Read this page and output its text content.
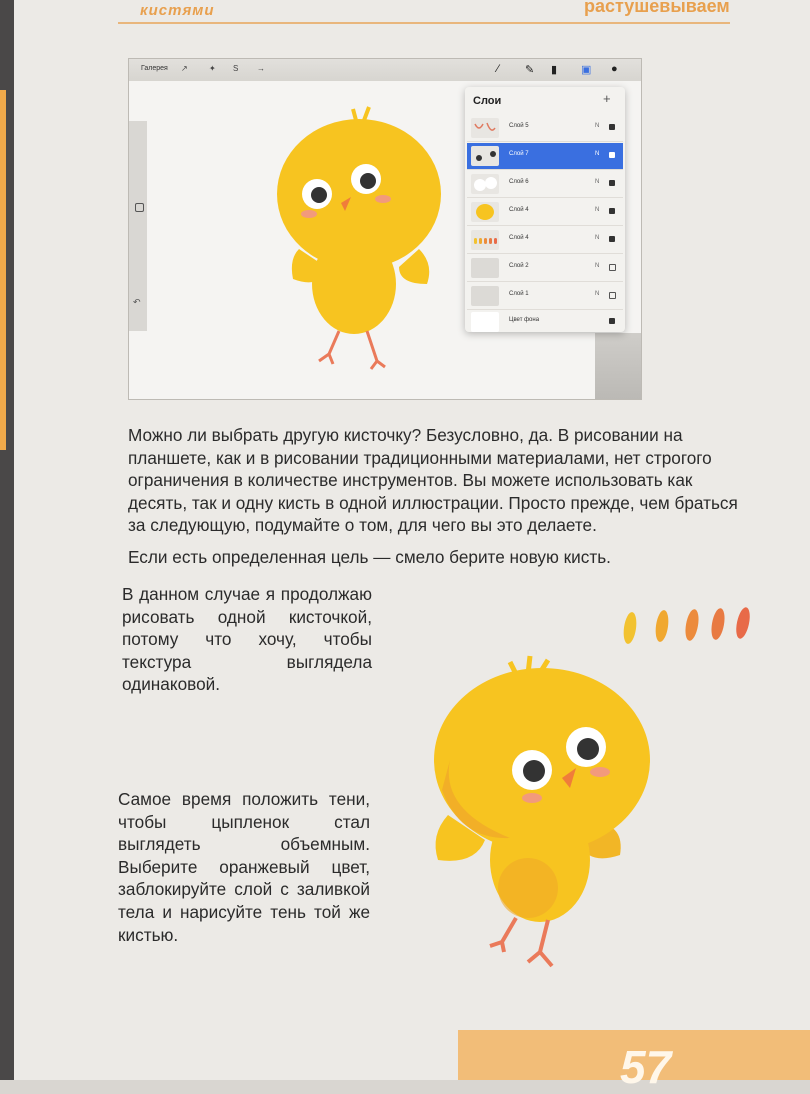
кистями	растушевываем
Галерея ↗	✦ S →	∕ ✎ ▮ ▣ ●
↶
Слои	+
Слой 5	N
Слой 7	N
Слой 6	N
Слой 4	N
Слой 4	N
Слой 2	N
Слой 1	N
Цвет фона
Можно ли выбрать другую кисточку? Безусловно, да. В рисовании на планшете, как и в рисовании традиционными материалами, нет строгого ограничения в количестве инструментов. Вы можете использовать как десять, так и одну кисть в одной иллюстрации. Просто прежде, чем браться за следующую, подумайте о том, для чего вы это делаете.
Если есть определенная цель — смело берите новую кисть.
В данном случае я продолжаю рисовать одной кисточкой, потому что хочу, чтобы текстура выглядела одинаковой.
Самое время положить тени, чтобы цыпленок стал выглядеть объемным. Выберите оранжевый цвет, заблокируйте слой с заливкой тела и нарисуйте тень той же кистью.
57
